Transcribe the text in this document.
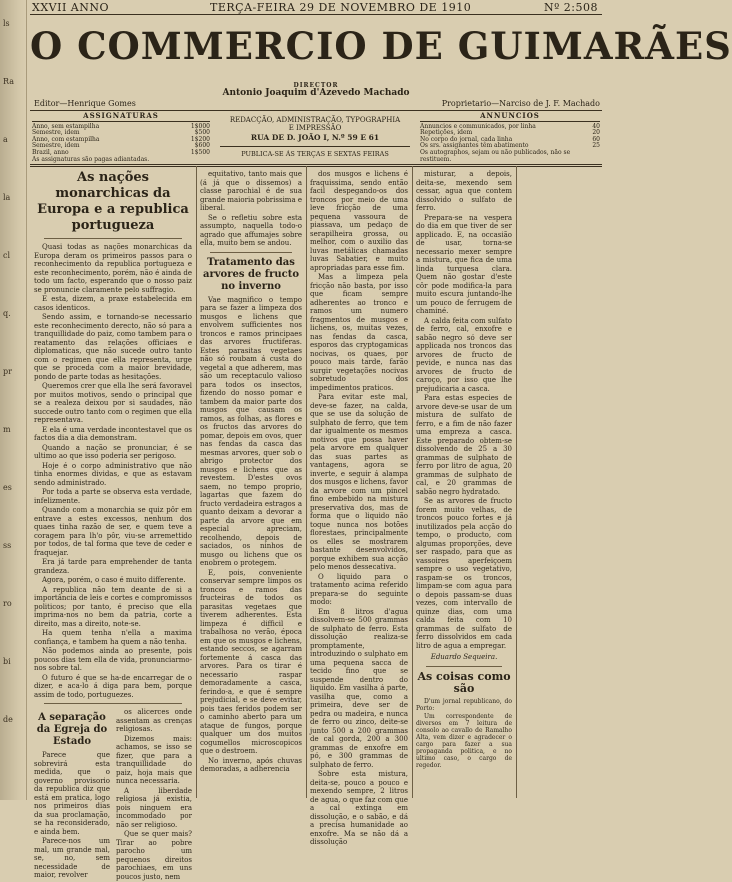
ls
Ra
a
la
cl
q.
pr
m
es
ss
ro
bi
de
XXVII ANNO	TERÇA-FEIRA 29 DE NOVEMBRO DE 1910	Nº 2:508
O COMMERCIO DE GUIMARÃES
DIRECTOR
Antonio Joaquim d'Azevedo Machado
Editor—Henrique Gomes	Proprietario—Narciso de J. F. Machado
ASSIGNATURAS
Anno, sem estampilha	1$000
Semestre, idem	$500
Anno, com estampilha	1$200
Semestre, idem	$600
Brazil, anno	1$500
As assignaturas são pagas adiantadas.
REDACÇÃO, ADMINISTRAÇÃO, TYPOGRAPHIA
E IMPRESSÃO
RUA DE D. JOÃO I, N.º 59 E 61
PUBLICA-SE ÁS TERÇAS E SEXTAS FEIRAS
ANNUNCIOS
Annuncios e communicados, por linha	40
Repetições, idem	20
No corpo do jornal, cada linha	60
Os srs. assignantes têm abatimento	25
Os autographos, sejam ou não publicados, não se restituem.
As nações monarchicas da Europa e a republica portugueza

Quasi todas as nações monarchicas da Europa deram os primeiros passos para o reconhecimento da republica portugueza e este reconhecimento, porém, não é ainda de todo um facto, esperando que o nosso paiz se pronuncie claramente pelo suffragio.

E esta, dizem, a praxe estabelecida em casos identicos.

Sendo assim, e tornando-se necessario este reconhecimento derecto, não só para a tranquillidade do paiz, como tambem para o reatamento das relações officiaes e diplomaticas, que não sucede outro tanto com o regimen que ella representa, urge que se proceda com a maior brevidade, pondo de parte todas as hesitações.

Queremos crer que ella lhe será favoravel por muitos motivos, sendo o principal que se a realeza deixou por si saudades, não succede outro tanto com o regimen que ella representava.

E ela é uma verdade incontestavel que os factos dia a dia demonstram.

Quando a nação se pronunciar, é se ultimo ao que isso poderia ser perigoso.

Hoje é o corpo administrativo que não tinha enormes dividas, e que as estavam sendo administrado.

Por toda a parte se observa esta verdade, infelizmente.

Quando com a monarchia se quiz pôr em entrave a estes excessos, nenhum dos quaes tinha razão de ser, e quem teve a coragem para lh'o pôr, viu-se arremettido por todos, de tal forma que teve de ceder e fraquejar.

Era já tarde para emprehender de tanta grandeza.

Agora, porém, o caso é muito differente.

A republica não tem deante de si a importância de leis e cortes e compromissos politicos; por tanto, é preciso que ella imprima-nos no bem da patria, corte a direito, mas a direito, note-se.

Ha quem tenha n'ella a maxima confiança, e tambem ha quem a não tenha.

Não podemos ainda ao presente, pois poucos dias tem ella de vida, pronunciarmo-nos sobre tal.

O futuro é que se ha-de encarregar de o dizer, e aca-lo á diga para bem, porque assim de todo, portuguezes.

A separação da Egreja do Estado

Parece que sobrevirá esta medida, que o governo provisorio da republica diz que está em pratica, logo nos primeiros dias da sua proclamação, se ha reconsiderado, e ainda bem.

Parece-nos um mal, um grande mal, se, no, sem necessidade de maior, revolver

os alicerces onde assentam as crenças religiosas.

Dizemos mais: achamos, se isso se fizer, que para a tranquillidade do paiz, hoja mais que nunca necessaria.

A liberdade religiosa já existia, pois ninguem era incommodado por não ser religioso.

Que se quer mais? Tirar ao pobre parocho um pequenos direitos parochiaes, em uns poucos justo, nem

equitativo, tanto mais que (á já que o dissemos) a classe parochial é de sua grande maioria pobrissima e liberal.

Se o refletiu sobre esta assumpto, naquella todo-o agrado que affumajes sobre ella, muito bem se andou.

Tratamento das arvores de fructo no inverno

Vae magnifico o tempo para se fazer a limpeza dos musgos e lichens que envolvem sufficientes nos troncos e ramos principaes das arvores fructiferas. Estes parasitas vegetaes não só roubam á custa do vegetal a que adherem, mas são um receptaculo valioso para todos os insectos, fizendo do nosso pomar e tambem da maior parte dos musgos que causam os ramos, as folhas, as flores e os fructos das arvores do pomar, depois em ovos, quer nas fendas da casca das mesmas arvores, quer sob o abrigo protector dos musgos e lichens que as revestem. D'estes ovos saem, no tempo proprio, lagartas que fazem do fructo verdadeira estragos a quanto deixam a devorar a parte da arvore que em especial apreciam, recolhendo, depois de saciados, os ninhos de musgo ou lichens que os enobrem o protegem.

E, pois, conveniente conservar sempre limpos os troncos e ramos das fructeiras de todos os parasitas vegetaes que tiverem adherentes. Esta limpeza é difficil e trabalhosa no verão, época em que os musgos e lichens, estando seccos, se agarram fortemente á casca das arvores. Para os tirar é necessario raspar demoradamente a casca, ferindo-a, e que é sempre prejudicial, e se deve evitar, pois taes feridos podem ser o caminho aberto para um ataque de fungos, porque qualquer um dos muitos cogumellos microscopicos que o destroem.

No inverno, após chuvas demoradas, a adherencia

dos musgos e lichens é fraquissima, sendo então facil despegando-os dos troncos por meio de uma leve fricção de uma pequena vassoura de piassava, um pedaço de serapilheira grossa, ou melhor, com o auxilio das luvas metálicas chamadas luvas Sabatier, e muito apropriadas para esse fim.

Mas a limpeza pela fricção não basta, por isso que ficam sempre adherentes ao tronco e ramos um numero fragmentos de musgos e lichens, os, muitas vezes, nas fendas da casca, esporos das cryptogamicas nocivas, os quaes, por pouco mais tarde, farão surgir vegetações nocivas sobretudo dos impedimentos praticos.

Para evitar este mal, deve-se fazer, na calda, que se use da solução de sulphato de ferro, que tem dar igualmente os mesmos motivos que possa haver pela arvore em qualquer das suas partes as vantagens, agora se inverte, e seguir á alampa dos musgos e lichens, favor da arvore com um pincel fino embebido na mistura preservativa dos, mas de forma que o liquido não toque nunca nos botões florestaes, principalmente os elles se mostrarem bastante desenvolvidos, porque exhibem sua acção pelo menos dessecativa.

O liquido para o tratamento acima referido prepara-se do seguinte modo:

Em 8 litros d'agua dissolvem-se 500 grammas de sulphato de ferro. Esta dissolução realiza-se promptamente, introduzindo o sulphato em uma pequena sacca de tecido fino que se suspende dentro do liquido. Em vasilha á parte, vasilha que, como a primeira, deve ser de pedra ou madeira, e nunca de ferro ou zinco, deite-se junto 500 a 200 grammas de cal gorda, 200 a 300 grammas de enxofre em pó, e 300 grammas de sulphato de ferro.

Sobre esta mistura, deita-se, pouco a pouco e mexendo sempre, 2 litros de agua, o que faz com que a cal extinga em dissolução, e o sabão, e dá a precisa humanidade ao enxofre. Ma se não dá a dissolução

misturar, a depois, deita-se, mexendo sem cessar, agua que contem dissolvido o sulfato de ferro.

Prepara-se na vespera do dia em que tiver de ser applicado. E, na occasião de usar, torna-se necessario mexer sempre a mistura, que fica de uma linda turquesa clara. Quem não gostar d'este côr pode modifica-la para muito escura juntando-lhe um pouco de ferrugem de chaminé.

A calda feita com sulfato de ferro, cal, enxofre e sabão negro só deve ser applicada nos troncos das arvores de fructo de pevide, e nunca nas das arvores de fructo de caroço, por isso que lhe prejudicaria a casca.

Para estas especies de arvore deve-se usar de um mistura de sulfato de ferro, e a fim de não fazer uma empreza a casca. Este preparado obtem-se dissolvendo de 25 a 30 grammas de sulphato de ferro por litro de agua, 20 grammas de sulphato de cal, e 20 grammas de sabão negro hydratado.

Se as arvores de fructo forem muito velhas, de troncos pouco fortes e já inutilizados pela acção do tempo, o producto, com algumas proporções, deve ser raspado, para que as vassoires aperfeiçoem sempre o uso vegetativo, raspam-se os troncos, limpam-se com agua para o depois passam-se duas vezes, com intervallo de quinze dias, com uma calda feita com 10 grammas de sulfato de ferro dissolvidos em cada litro de agua a empregar.

Eduardo Sequeira.
As coisas como são

D'um jornal republicano, do Porto:

Um correspondente de diversos em 7 leitura de consolo ao cavallo de Ramalho Alta, vem dizer e agradecer o cargo para fazer a sua propaganda politica, e no ultimo caso, o cargo de regedor.
